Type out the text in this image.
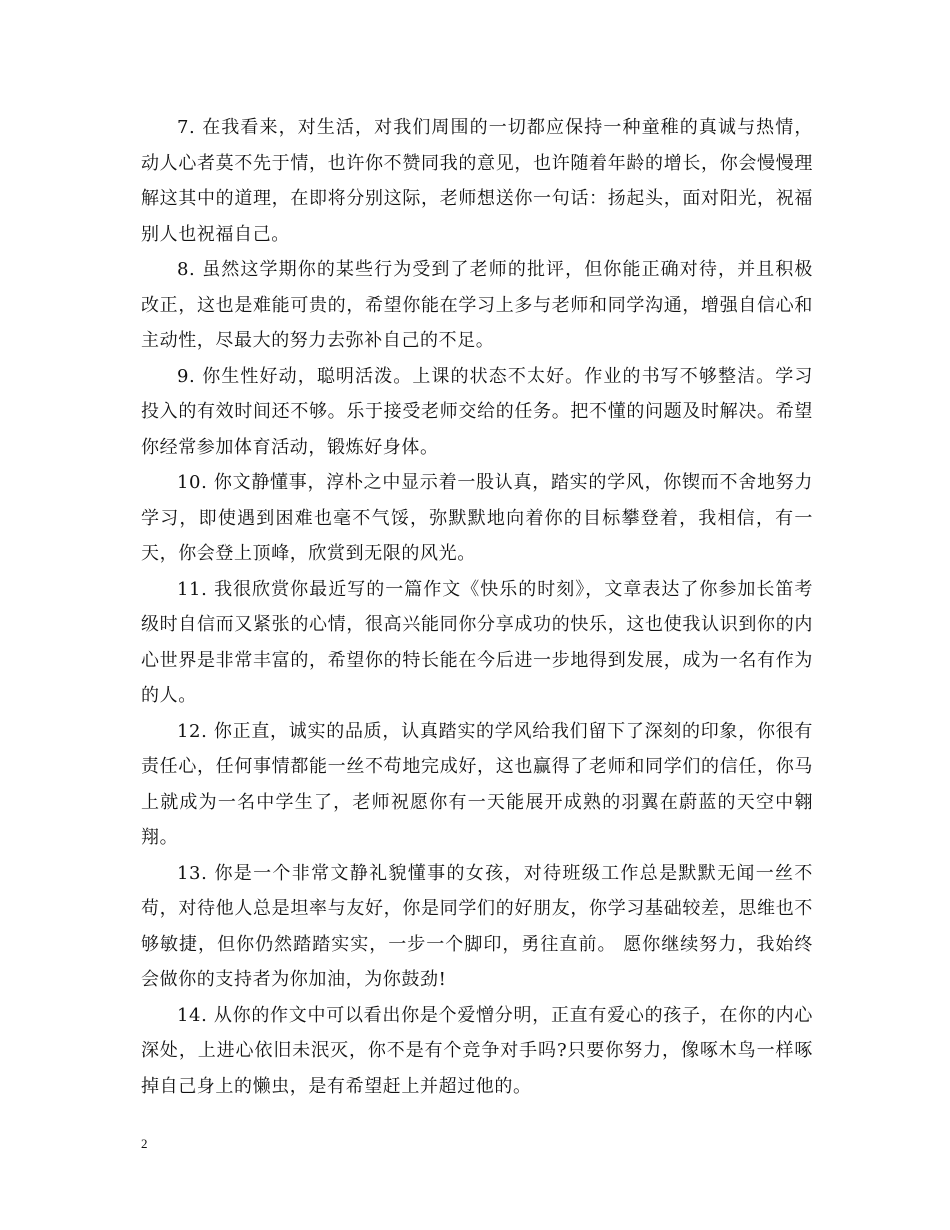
7. 在我看来，对生活，对我们周围的一切都应保持一种童稚的真诚与热情，动人心者莫不先于情，也许你不赞同我的意见，也许随着年龄的增长，你会慢慢理解这其中的道理，在即将分别这际，老师想送你一句话：扬起头，面对阳光，祝福别人也祝福自己。

8. 虽然这学期你的某些行为受到了老师的批评，但你能正确对待，并且积极改正，这也是难能可贵的，希望你能在学习上多与老师和同学沟通，增强自信心和主动性，尽最大的努力去弥补自己的不足。

9. 你生性好动，聪明活泼。上课的状态不太好。作业的书写不够整洁。学习投入的有效时间还不够。乐于接受老师交给的任务。把不懂的问题及时解决。希望你经常参加体育活动，锻炼好身体。

10. 你文静懂事，淳朴之中显示着一股认真，踏实的学风，你锲而不舍地努力学习，即使遇到困难也毫不气馁，弥默默地向着你的目标攀登着，我相信，有一天，你会登上顶峰，欣赏到无限的风光。

11. 我很欣赏你最近写的一篇作文《快乐的时刻》，文章表达了你参加长笛考级时自信而又紧张的心情，很高兴能同你分享成功的快乐，这也使我认识到你的内心世界是非常丰富的，希望你的特长能在今后进一步地得到发展，成为一名有作为的人。

12. 你正直，诚实的品质，认真踏实的学风给我们留下了深刻的印象，你很有责任心，任何事情都能一丝不苟地完成好，这也赢得了老师和同学们的信任，你马上就成为一名中学生了，老师祝愿你有一天能展开成熟的羽翼在蔚蓝的天空中翱翔。

13. 你是一个非常文静礼貌懂事的女孩，对待班级工作总是默默无闻一丝不苟，对待他人总是坦率与友好，你是同学们的好朋友，你学习基础较差，思维也不够敏捷，但你仍然踏踏实实，一步一个脚印，勇往直前。 愿你继续努力，我始终会做你的支持者为你加油，为你鼓劲!

14. 从你的作文中可以看出你是个爱憎分明，正直有爱心的孩子，在你的内心深处，上进心依旧未泯灭，你不是有个竞争对手吗?只要你努力，像啄木鸟一样啄掉自己身上的懒虫，是有希望赶上并超过他的。

2
